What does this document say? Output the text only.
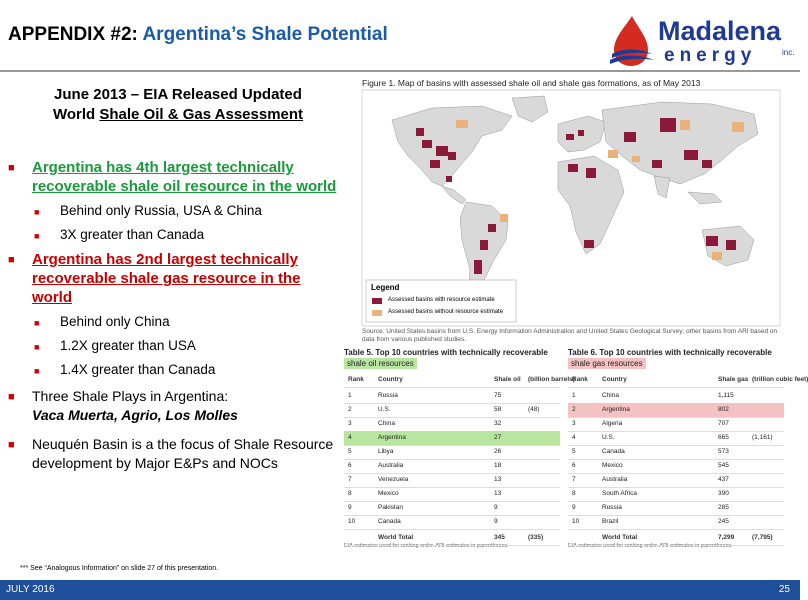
APPENDIX #2: Argentina’s Shale Potential	Madalena
energy	inc.
June 2013 – EIA Released Updated
World Shale Oil & Gas Assessment
■ Argentina has 4th largest technically recoverable shale oil resource in the world
■ Behind only Russia, USA & China
■ 3X greater than Canada
■ Argentina has 2nd largest technically recoverable shale gas resource in the world
■ Behind only China
■ 1.2X greater than USA
■ 1.4X greater than Canada
■ Three Shale Plays in Argentina:
Vaca Muerta, Agrio, Los Molles
■ Neuquén Basin is a the focus of Shale Resource development by Major E&Ps and NOCs
Figure 1. Map of basins with assessed shale oil and shale gas formations, as of May 2013
Legend
Assessed basins with resource estimate
Assessed basins without resource estimate
Source: United States basins from U.S. Energy Information Administration and United States Geological Survey; other basins from ARI based on data from various published studies.
Table 5. Top 10 countries with technically recoverable
shale oil resources
Rank Country	Shale oil (billion barrels)
1	Russia	75
2	U.S.	58	(48)
3	China	32
4	Argentina	27
5	Libya	26
6	Australia	18
7	Venezuela	13
8	Mexico	13
9	Pakistan	9
10	Canada	9
World Total	345	(335)
EIA estimates used for ranking order. ARI estimates in parentheses.
Table 6. Top 10 countries with technically recoverable
shale gas resources
Rank Country	Shale gas (trillion cubic feet)
1	China	1,115
2	Argentina	802
3	Algeria	707
4	U.S.	665	(1,161)
5	Canada	573
6	Mexico	545
7	Australia	437
8	South Africa	390
9	Russia	285
10	Brazil	245
World Total	7,299	(7,795)
EIA estimates used for ranking order. ARI estimates in parentheses.
*** See “Analogous Information” on slide 27 of this presentation.
JULY 2016	25
